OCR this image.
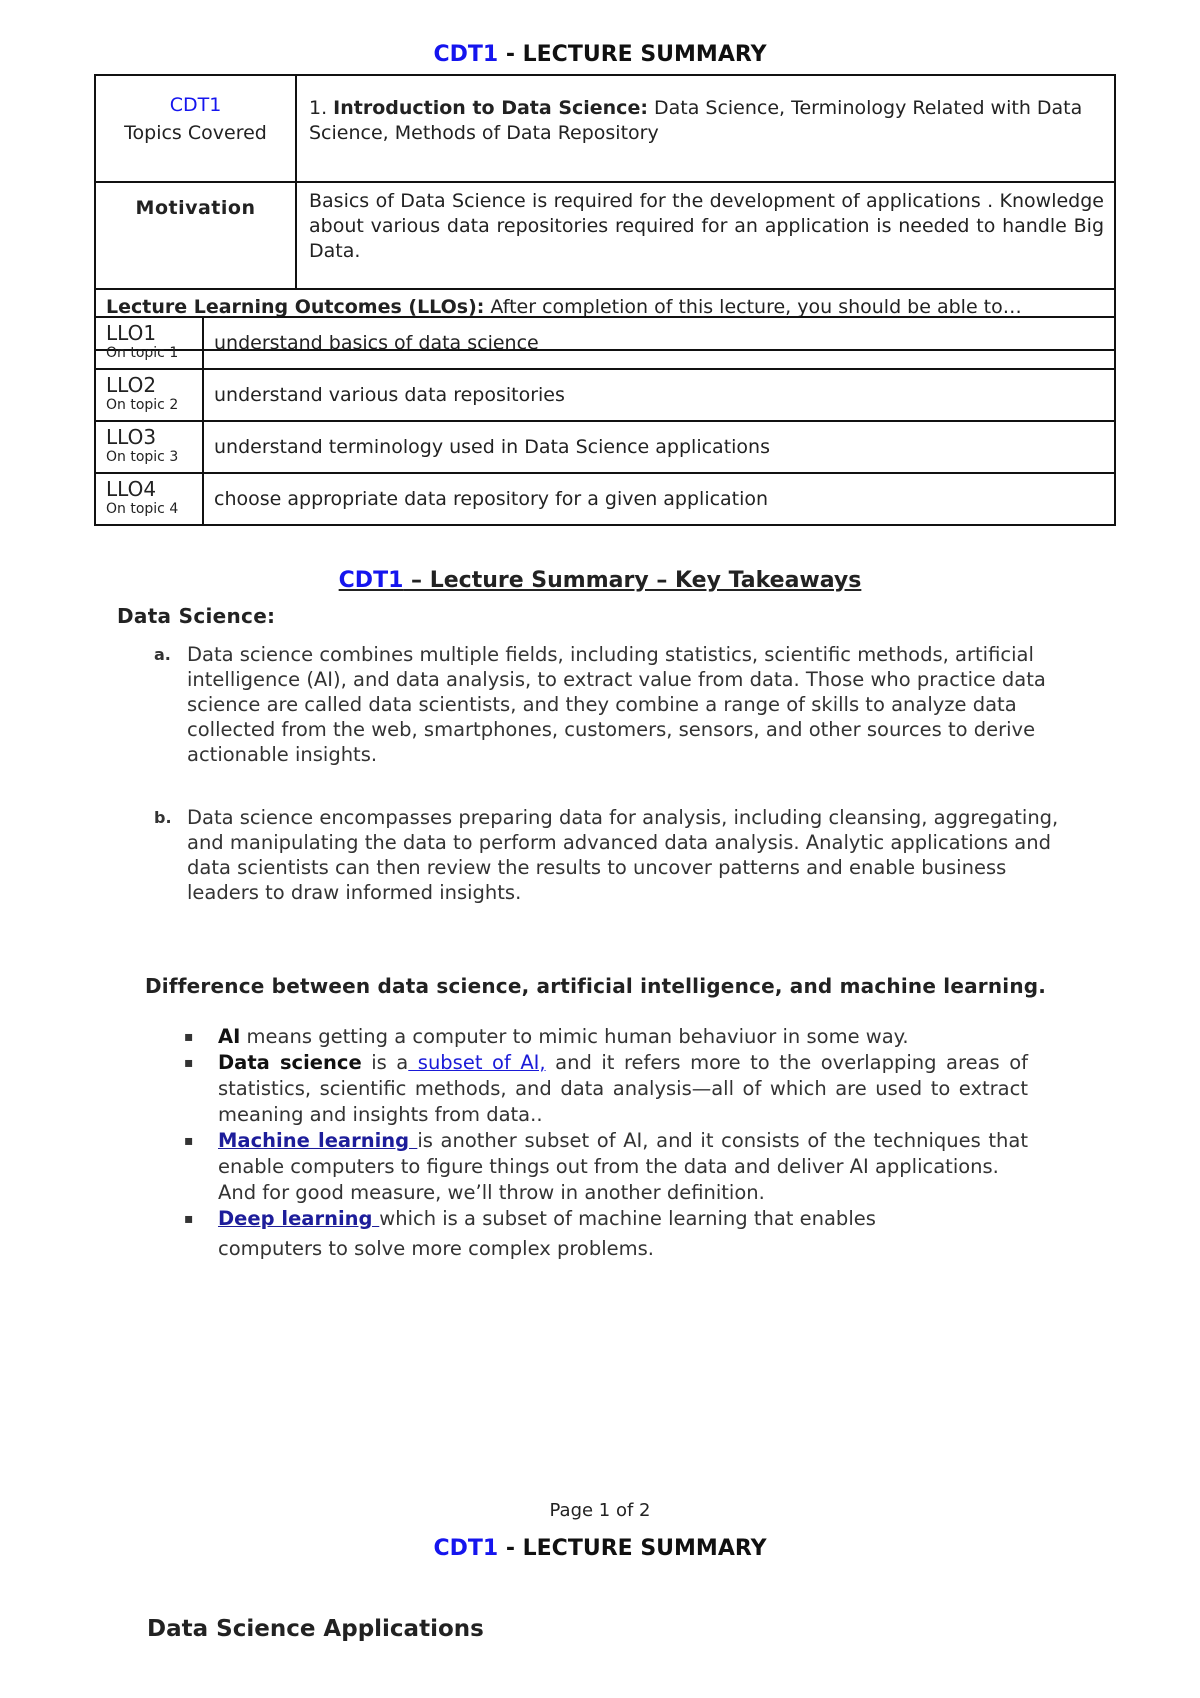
CDT1 - LECTURE SUMMARY
CDT1
Topics Covered	1. Introduction to Data Science: Data Science, Terminology Related with Data Science, Methods of Data Repository
Motivation	Basics of Data Science is required for the development of applications . Knowledge about various data repositories required for an application is needed to handle Big Data.
Lecture Learning Outcomes (LLOs): After completion of this lecture, you should be able to…	
LLO1
On topic 1	understand basics of data science

LLO2
On topic 2	understand various data repositories

LLO3
On topic 3	understand terminology used in Data Science applications

LLO4
On topic 4	choose appropriate data repository for a given application
CDT1 – Lecture Summary – Key Takeaways
Data Science:
a. Data science combines multiple fields, including statistics, scientific methods, artificial intelligence (AI), and data analysis, to extract value from data. Those who practice data science are called data scientists, and they combine a range of skills to analyze data collected from the web, smartphones, customers, sensors, and other sources to derive actionable insights.
b. Data science encompasses preparing data for analysis, including cleansing, aggregating, and manipulating the data to perform advanced data analysis. Analytic applications and data scientists can then review the results to uncover patterns and enable business leaders to draw informed insights.
Difference between data science, artificial intelligence, and machine learning.
▪ AI means getting a computer to mimic human behaviuor in some way.
▪ Data science is a subset of AI, and it refers more to the overlapping areas of statistics, scientific methods, and data analysis—all of which are used to extract meaning and insights from data..
▪ Machine learning is another subset of AI, and it consists of the techniques that enable computers to figure things out from the data and deliver AI applications.
And for good measure, we’ll throw in another definition.
▪ Deep learning which is a subset of machine learning that enables
computers to solve more complex problems.
Page 1 of 2
CDT1 - LECTURE SUMMARY
Data Science Applications
